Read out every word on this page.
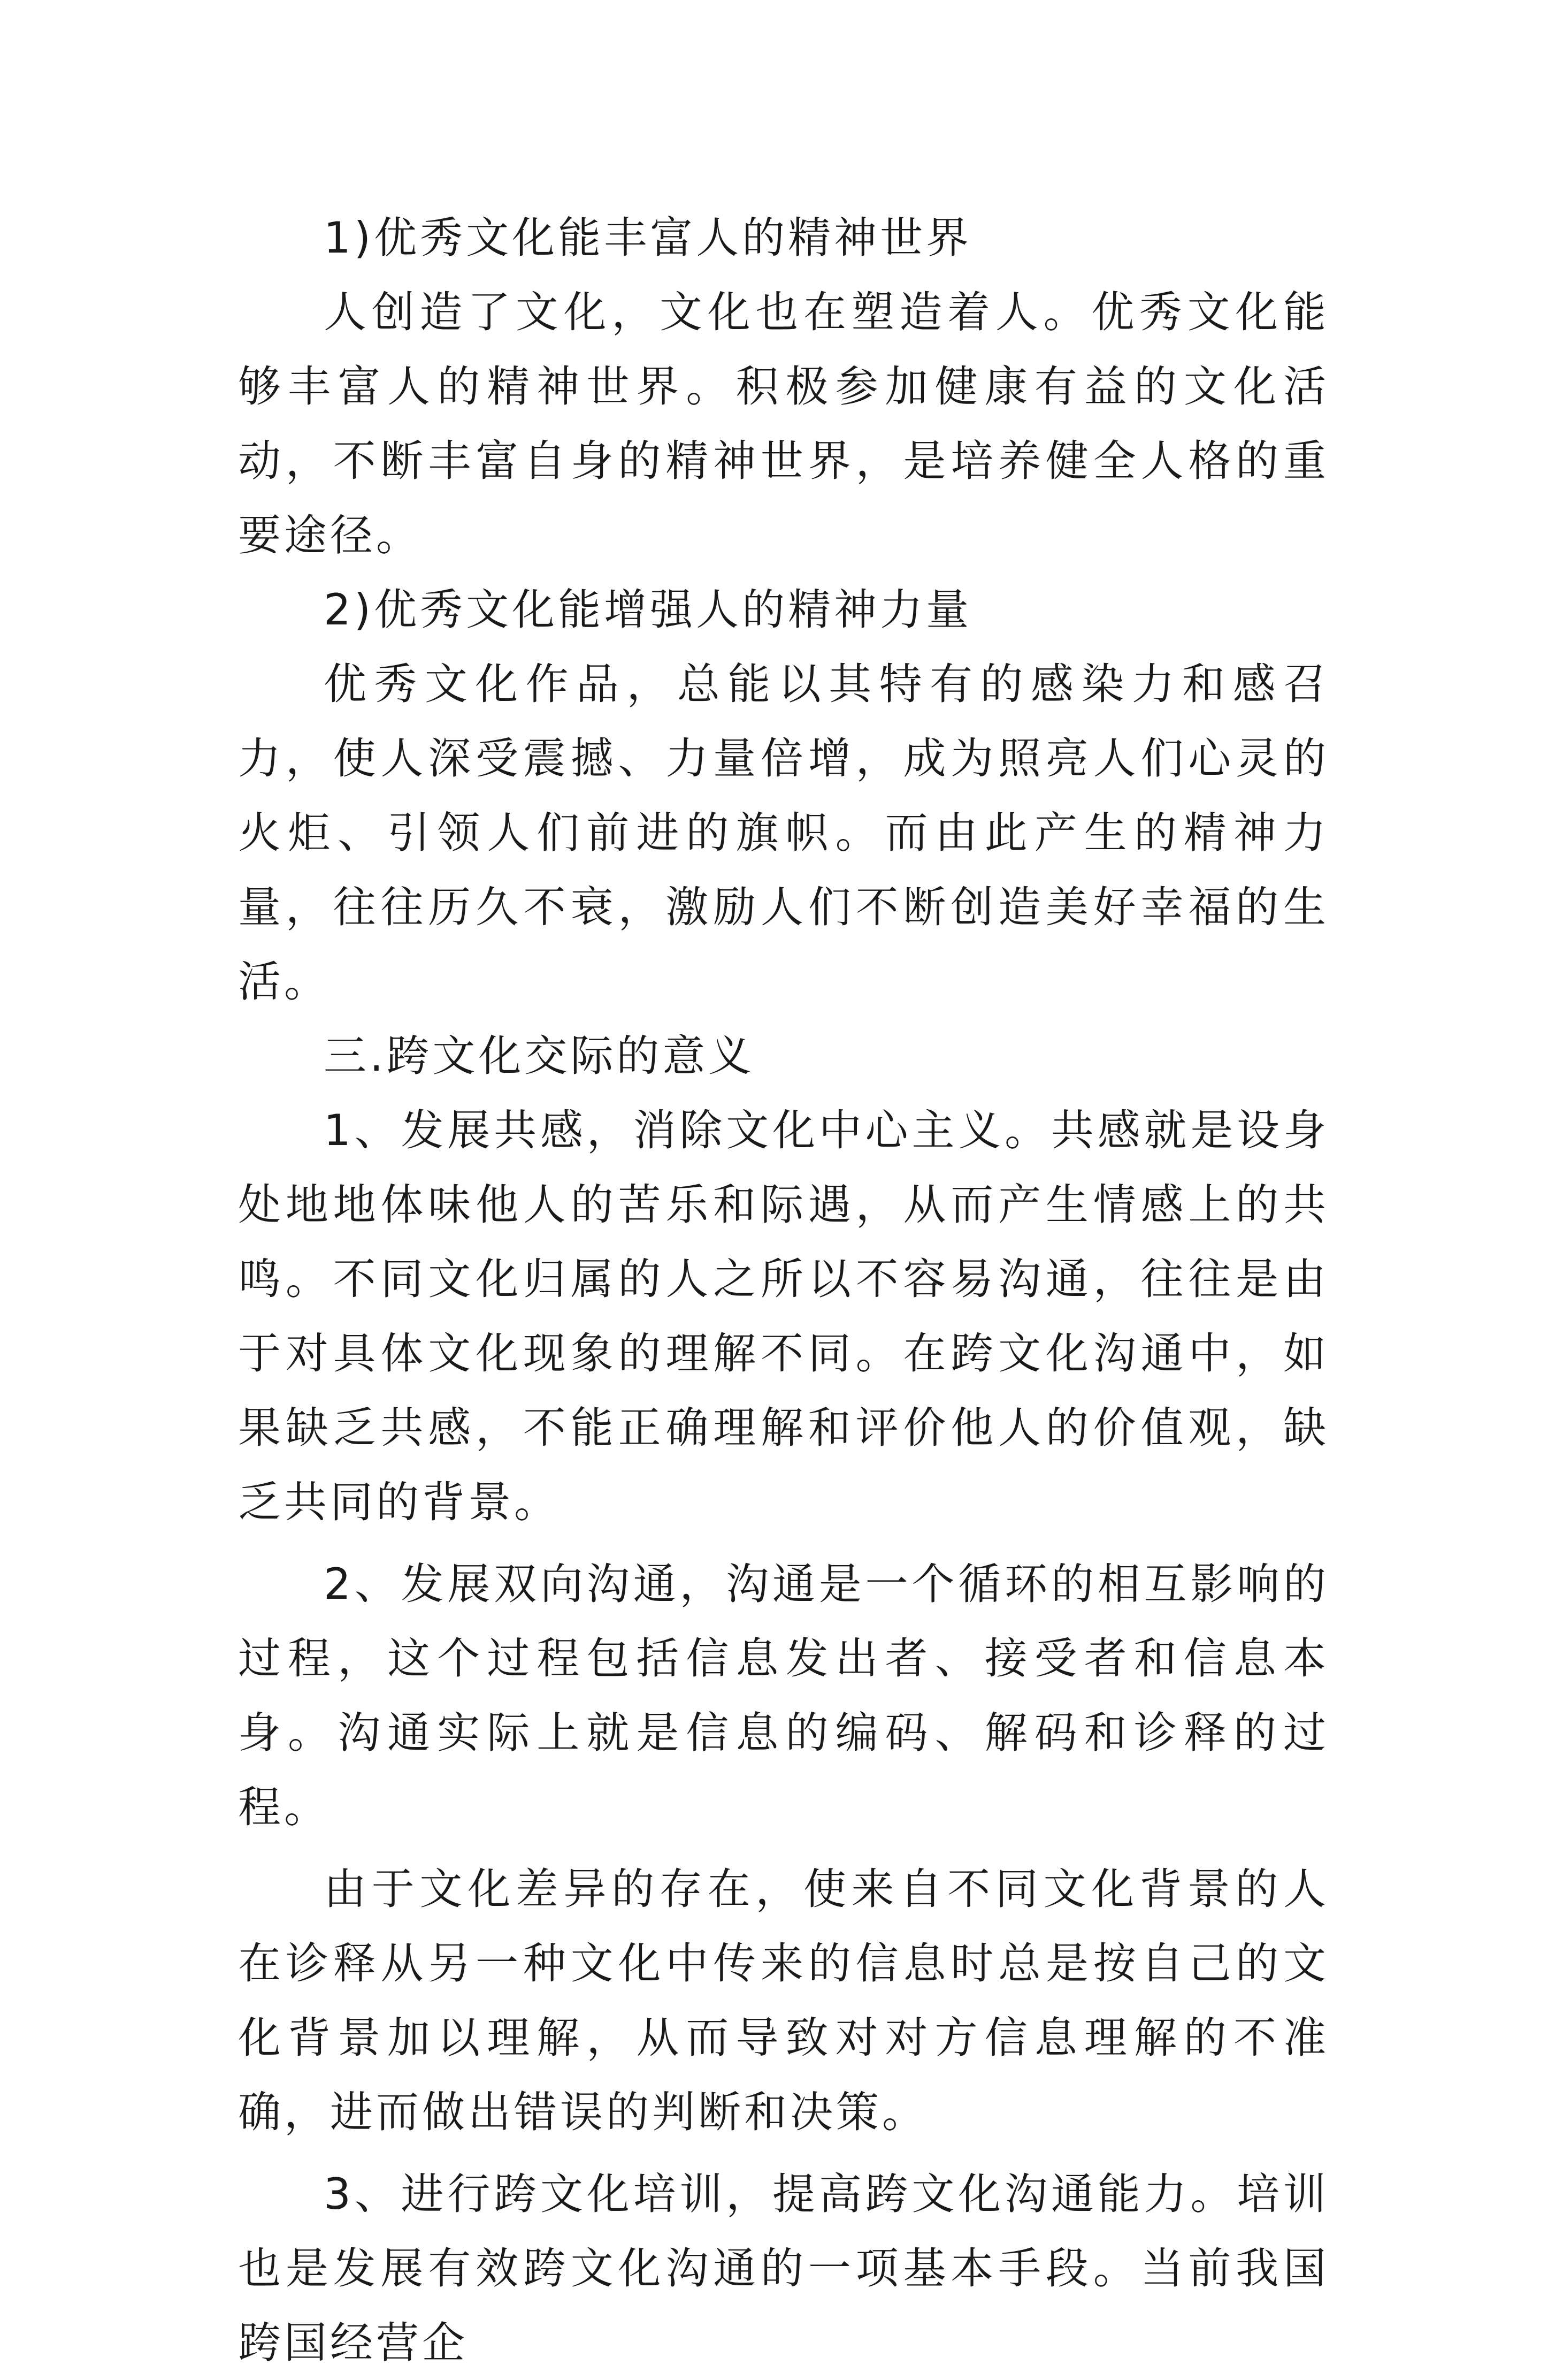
1)优秀文化能丰富人的精神世界

人创造了文化，文化也在塑造着人。优秀文化能够丰富人的精神世界。积极参加健康有益的文化活动，不断丰富自身的精神世界，是培养健全人格的重要途径。

2)优秀文化能增强人的精神力量

优秀文化作品，总能以其特有的感染力和感召力，使人深受震撼、力量倍增，成为照亮人们心灵的火炬、引领人们前进的旗帜。而由此产生的精神力量，往往历久不衰，激励人们不断创造美好幸福的生活。

三.跨文化交际的意义

1、发展共感，消除文化中心主义。共感就是设身处地地体味他人的苦乐和际遇，从而产生情感上的共鸣。不同文化归属的人之所以不容易沟通，往往是由于对具体文化现象的理解不同。在跨文化沟通中，如果缺乏共感，不能正确理解和评价他人的价值观，缺乏共同的背景。

2、发展双向沟通，沟通是一个循环的相互影响的过程，这个过程包括信息发出者、接受者和信息本身。沟通实际上就是信息的编码、解码和诊释的过程。

由于文化差异的存在，使来自不同文化背景的人在诊释从另一种文化中传来的信息时总是按自己的文化背景加以理解，从而导致对对方信息理解的不准确，进而做出错误的判断和决策。

3、进行跨文化培训，提高跨文化沟通能力。培训也是发展有效跨文化沟通的一项基本手段。当前我国跨国经营企
